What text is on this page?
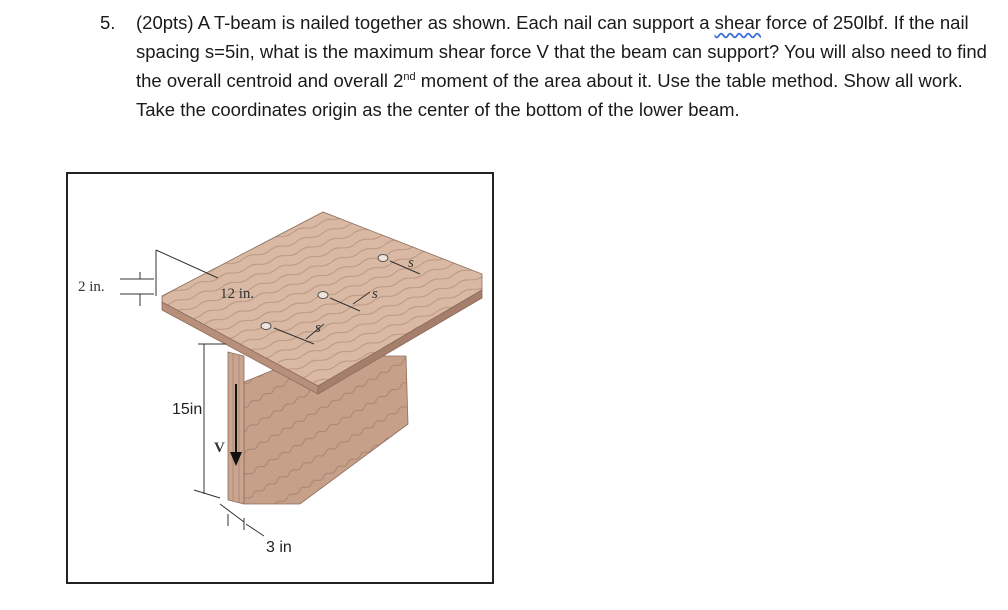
5. (20pts) A T-beam is nailed together as shown. Each nail can support a shear force of 250lbf. If the nail spacing s=5in, what is the maximum shear force V that the beam can support? You will also need to find the overall centroid and overall 2nd moment of the area about it. Use the table method. Show all work. Take the coordinates origin as the center of the bottom of the lower beam.
s
s
s
2 in.	12 in.
15in
V
3 in
